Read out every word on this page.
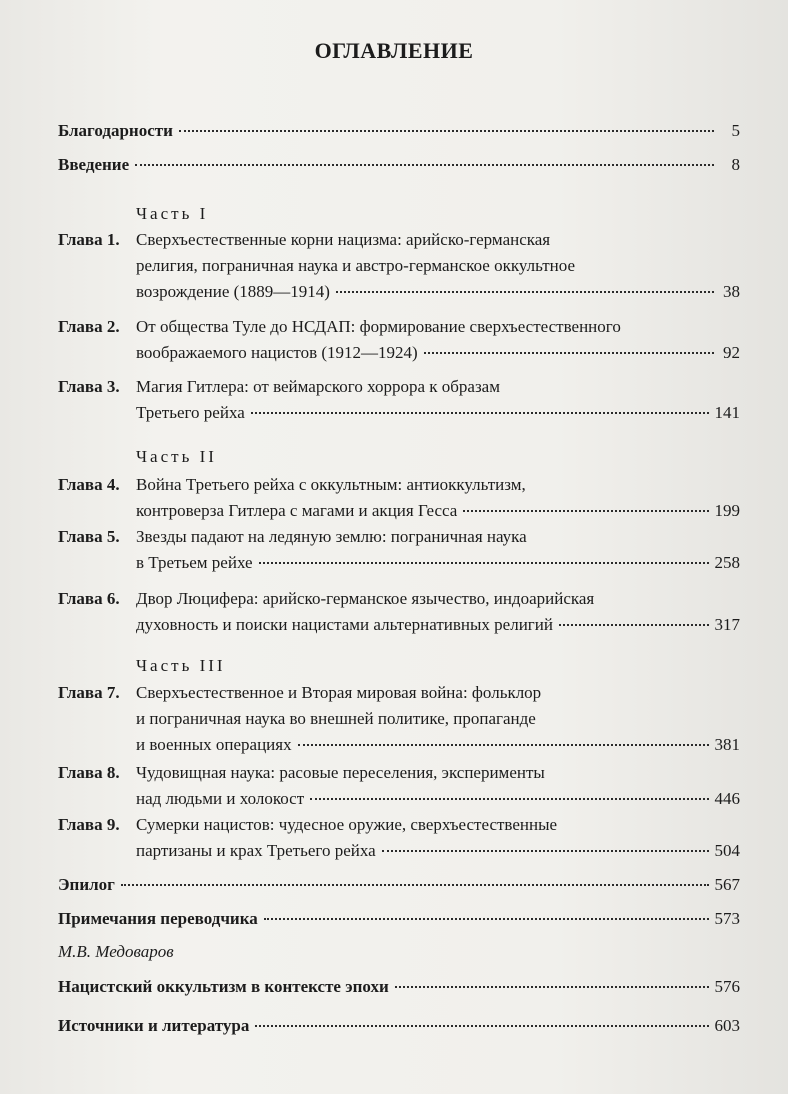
ОГЛАВЛЕНИЕ
Благодарности	5
Введение	8
Часть I
Глава 1. Сверхъестественные корни нацизма: арийско-германская
религия, пограничная наука и австро-германское оккультное
возрождение (1889—1914)	38
Глава 2. От общества Туле до НСДАП: формирование сверхъестественного
воображаемого нацистов (1912—1924)	92
Глава 3. Магия Гитлера: от веймарского хоррора к образам
Третьего рейха	141
Часть II
Глава 4. Война Третьего рейха с оккультным: антиоккультизм,
контроверза Гитлера с магами и акция Гесса	199
Глава 5. Звезды падают на ледяную землю: пограничная наука
в Третьем рейхе	258
Глава 6. Двор Люцифера: арийско-германское язычество, индоарийская
духовность и поиски нацистами альтернативных религий	317
Часть III
Глава 7. Сверхъестественное и Вторая мировая война: фольклор
и пограничная наука во внешней политике, пропаганде
и военных операциях	381
Глава 8. Чудовищная наука: расовые переселения, эксперименты
над людьми и холокост	446
Глава 9. Сумерки нацистов: чудесное оружие, сверхъестественные
партизаны и крах Третьего рейха	504
Эпилог	567
Примечания переводчика	573
М.В. Медоваров
Нацистский оккультизм в контексте эпохи	576
Источники и литература	603
